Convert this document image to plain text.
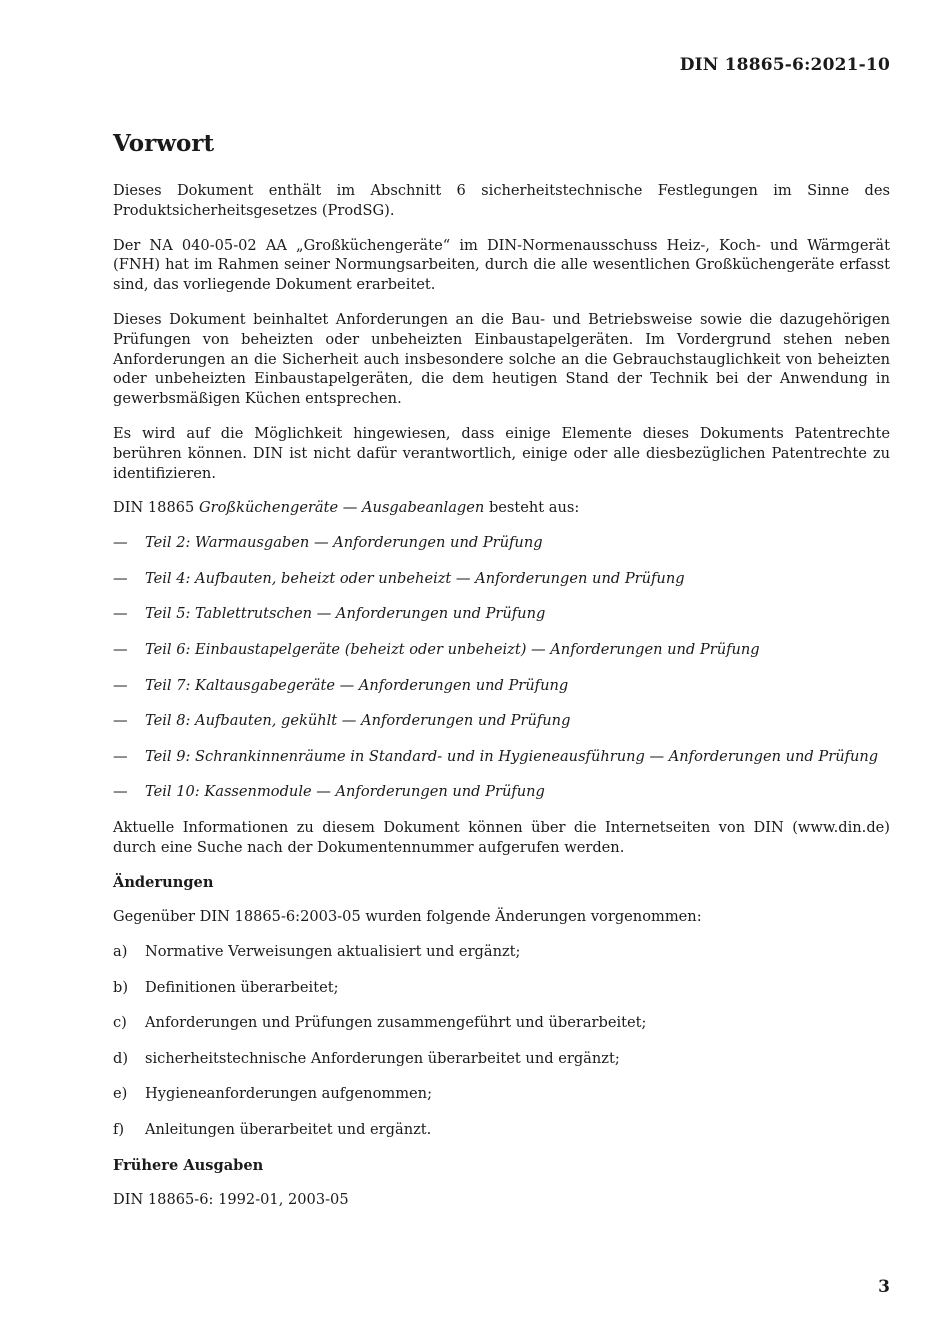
DIN 18865-6:2021-10
Vorwort

Dieses Dokument enthält im Abschnitt 6 sicherheitstechnische Festlegungen im Sinne des Produktsicherheitsgesetzes (ProdSG).

Der NA 040-05-02 AA „Großküchengeräte“ im DIN-Normenausschuss Heiz-, Koch- und Wärmgerät (FNH) hat im Rahmen seiner Normungsarbeiten, durch die alle wesentlichen Großküchengeräte erfasst sind, das vorliegende Dokument erarbeitet.

Dieses Dokument beinhaltet Anforderungen an die Bau- und Betriebsweise sowie die dazugehörigen Prüfungen von beheizten oder unbeheizten Einbaustapelgeräten. Im Vordergrund stehen neben Anforderungen an die Sicherheit auch insbesondere solche an die Gebrauchstauglichkeit von beheizten oder unbeheizten Einbaustapelgeräten, die dem heutigen Stand der Technik bei der Anwendung in gewerbsmäßigen Küchen entsprechen.

Es wird auf die Möglichkeit hingewiesen, dass einige Elemente dieses Dokuments Patentrechte berühren können. DIN ist nicht dafür verantwortlich, einige oder alle diesbezüglichen Patentrechte zu identifizieren.

DIN 18865 Großküchengeräte — Ausgabeanlagen besteht aus:
—	Teil 2: Warmausgaben — Anforderungen und Prüfung
—	Teil 4: Aufbauten, beheizt oder unbeheizt — Anforderungen und Prüfung
—	Teil 5: Tablettrutschen — Anforderungen und Prüfung
—	Teil 6: Einbaustapelgeräte (beheizt oder unbeheizt) — Anforderungen und Prüfung
—	Teil 7: Kaltausgabegeräte — Anforderungen und Prüfung
—	Teil 8: Aufbauten, gekühlt — Anforderungen und Prüfung
—	Teil 9: Schrankinnenräume in Standard- und in Hygieneausführung — Anforderungen und Prüfung
—	Teil 10: Kassenmodule — Anforderungen und Prüfung

Aktuelle Informationen zu diesem Dokument können über die Internetseiten von DIN (www.din.de) durch eine Suche nach der Dokumentennummer aufgerufen werden.

Änderungen

Gegenüber DIN 18865-6:2003-05 wurden folgende Änderungen vorgenommen:

a)	Normative Verweisungen aktualisiert und ergänzt;
b)	Definitionen überarbeitet;
c)	Anforderungen und Prüfungen zusammengeführt und überarbeitet;
d)	sicherheitstechnische Anforderungen überarbeitet und ergänzt;
e)	Hygieneanforderungen aufgenommen;
f)	Anleitungen überarbeitet und ergänzt.
Frühere Ausgaben

DIN 18865-6: 1992-01, 2003-05

3
